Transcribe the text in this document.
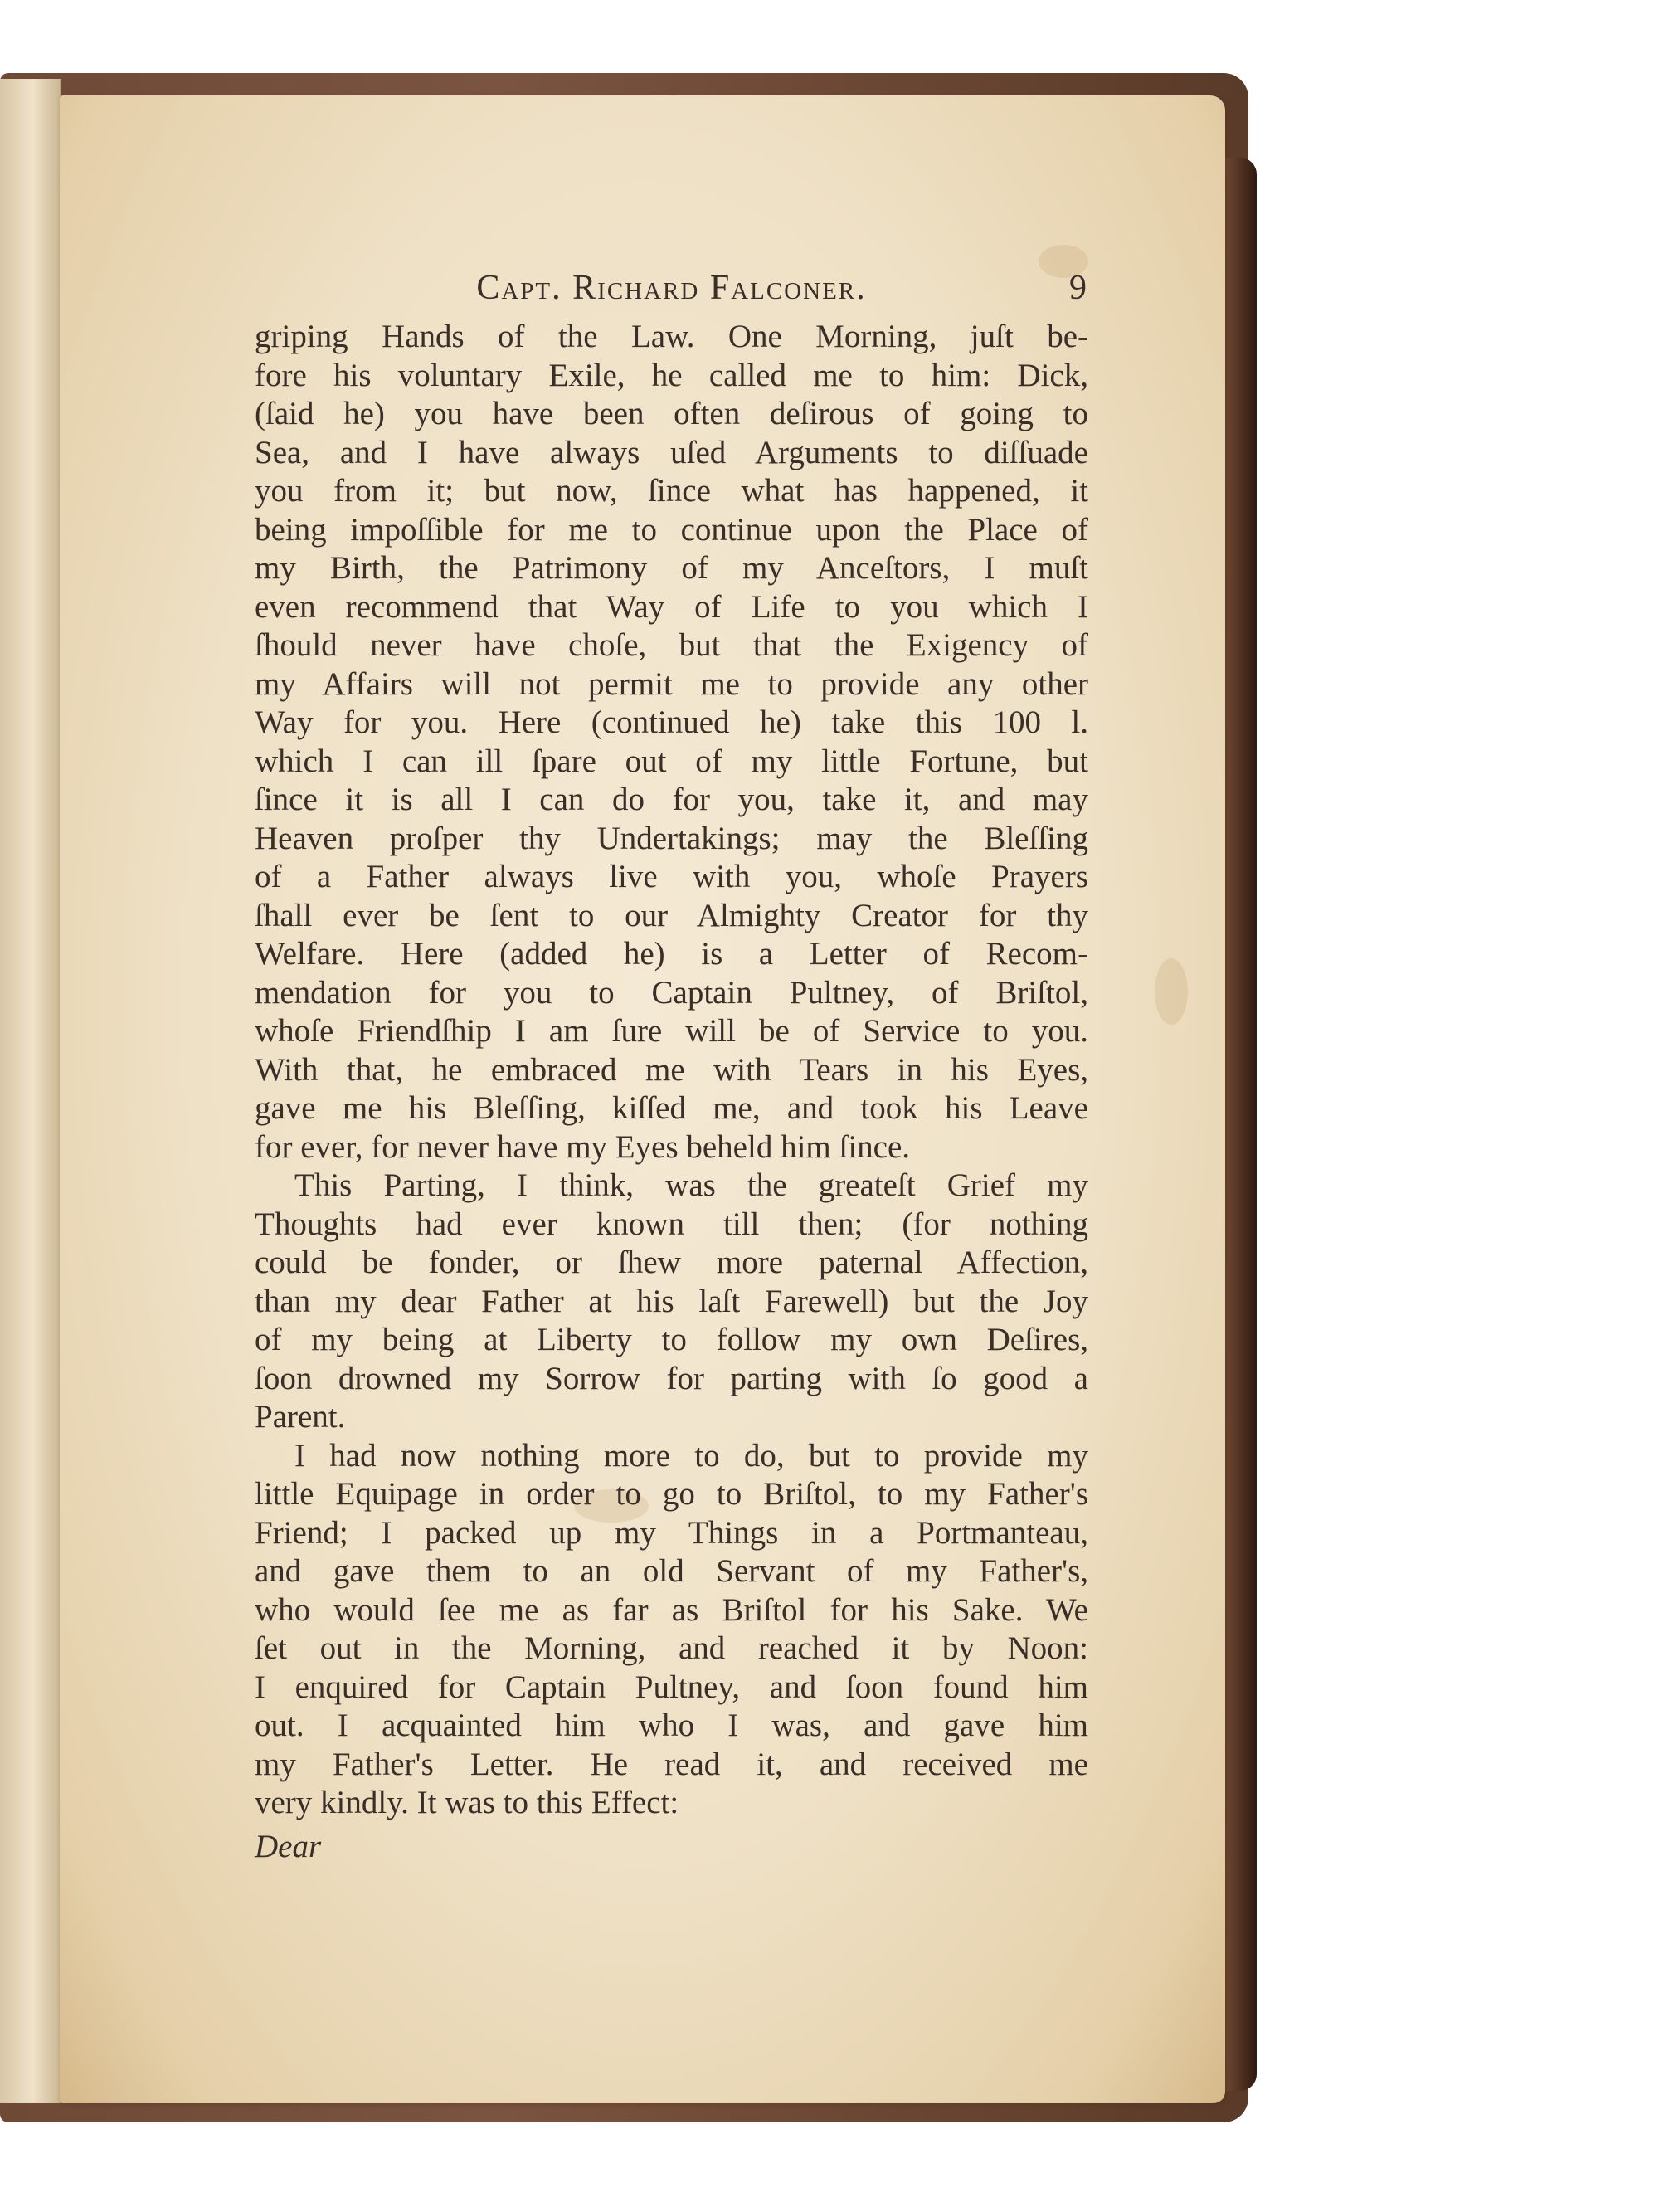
Capt. Richard Falconer.	9
griping Hands of the Law. One Morning, juſt be-
fore his voluntary Exile, he called me to him: Dick,
(ſaid he) you have been often deſirous of going to
Sea, and I have always uſed Arguments to diſſuade
you from it; but now, ſince what has happened, it
being impoſſible for me to continue upon the Place of
my Birth, the Patrimony of my Anceſtors, I muſt
even recommend that Way of Life to you which I
ſhould never have choſe, but that the Exigency of
my Affairs will not permit me to provide any other
Way for you. Here (continued he) take this 100 l.
which I can ill ſpare out of my little Fortune, but
ſince it is all I can do for you, take it, and may
Heaven proſper thy Undertakings; may the Bleſſing
of a Father always live with you, whoſe Prayers
ſhall ever be ſent to our Almighty Creator for thy
Welfare. Here (added he) is a Letter of Recom-
mendation for you to Captain Pultney, of Briſtol,
whoſe Friendſhip I am ſure will be of Service to you.
With that, he embraced me with Tears in his Eyes,
gave me his Bleſſing, kiſſed me, and took his Leave
for ever, for never have my Eyes beheld him ſince.
This Parting, I think, was the greateſt Grief my
Thoughts had ever known till then; (for nothing
could be fonder, or ſhew more paternal Affection,
than my dear Father at his laſt Farewell) but the Joy
of my being at Liberty to follow my own Deſires,
ſoon drowned my Sorrow for parting with ſo good a
Parent.
I had now nothing more to do, but to provide my
little Equipage in order to go to Briſtol, to my Father's
Friend; I packed up my Things in a Portmanteau,
and gave them to an old Servant of my Father's,
who would ſee me as far as Briſtol for his Sake. We
ſet out in the Morning, and reached it by Noon:
I enquired for Captain Pultney, and ſoon found him
out. I acquainted him who I was, and gave him
my Father's Letter. He read it, and received me
very kindly. It was to this Effect:
Dear
